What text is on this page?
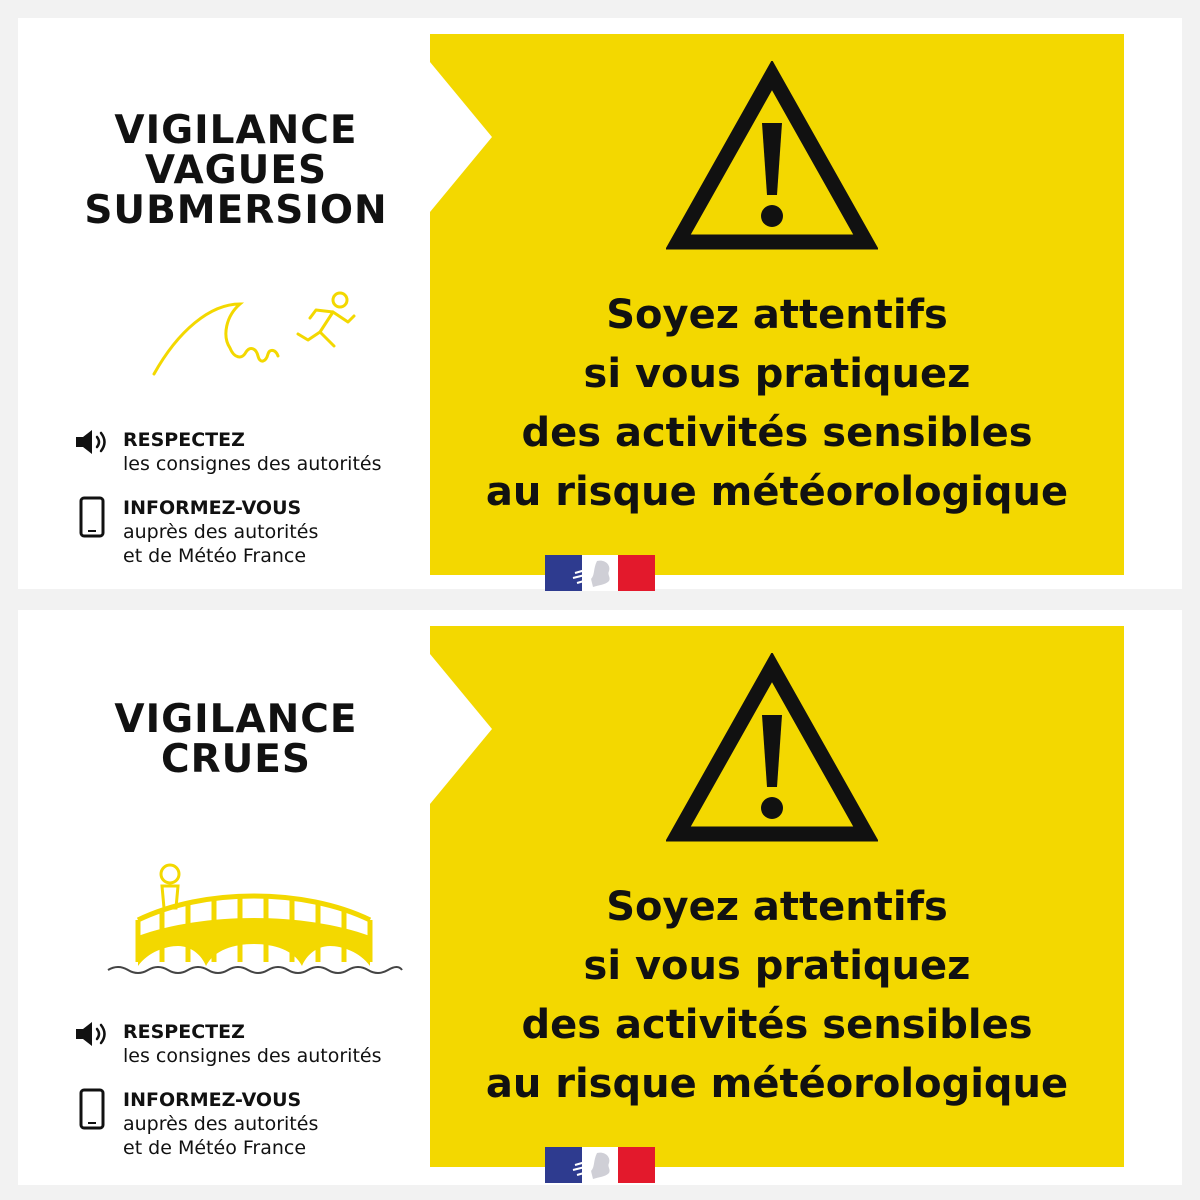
Soyez attentifs
si vous pratiquez
des activités sensibles
au risque météorologique
VIGILANCE
VAGUES
SUBMERSION
RESPECTEZ
les consignes des autorités
INFORMEZ-VOUS
auprès des autorités
et de Météo France
Soyez attentifs
si vous pratiquez
des activités sensibles
au risque météorologique
VIGILANCE
CRUES
RESPECTEZ
les consignes des autorités
INFORMEZ-VOUS
auprès des autorités
et de Météo France
